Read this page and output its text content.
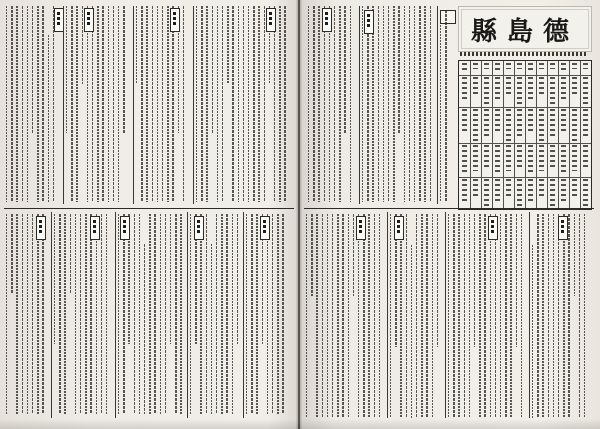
德島縣
